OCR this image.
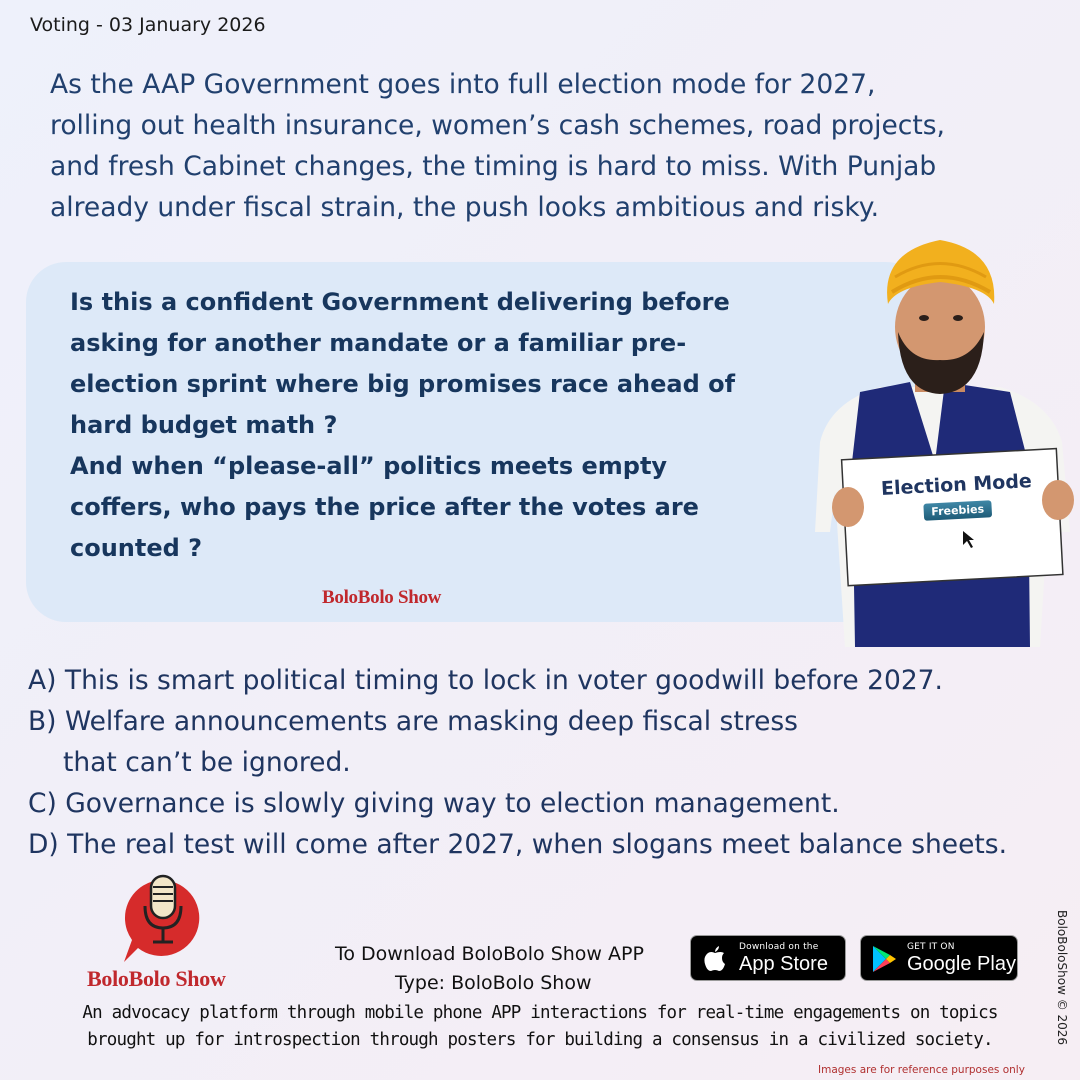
Voting - 03 January 2026
As the AAP Government goes into full election mode for 2027,
rolling out health insurance, women’s cash schemes, road projects,
and fresh Cabinet changes, the timing is hard to miss. With Punjab
already under fiscal strain, the push looks ambitious and risky.
Is this a confident Government delivering before
asking for another mandate or a familiar pre-
election sprint where big promises race ahead of
hard budget math ?
And when “please-all” politics meets empty
coffers, who pays the price after the votes are
counted ?
BoloBolo Show
Election Mode
Freebies
A) This is smart political timing to lock in voter goodwill before 2027.
B) Welfare announcements are masking deep fiscal stress
that can’t be ignored.
C) Governance is slowly giving way to election management.
D) The real test will come after 2027, when slogans meet balance sheets.
BoloBolo Show
To Download BoloBolo Show APP
Type: BoloBolo Show
Download on the
App Store
GET IT ON
Google Play
An advocacy platform through mobile phone APP interactions for real-time engagements on topics
brought up for introspection through posters for building a consensus in a civilized society.	BoloBoloShow © 2026
Images are for reference purposes only
